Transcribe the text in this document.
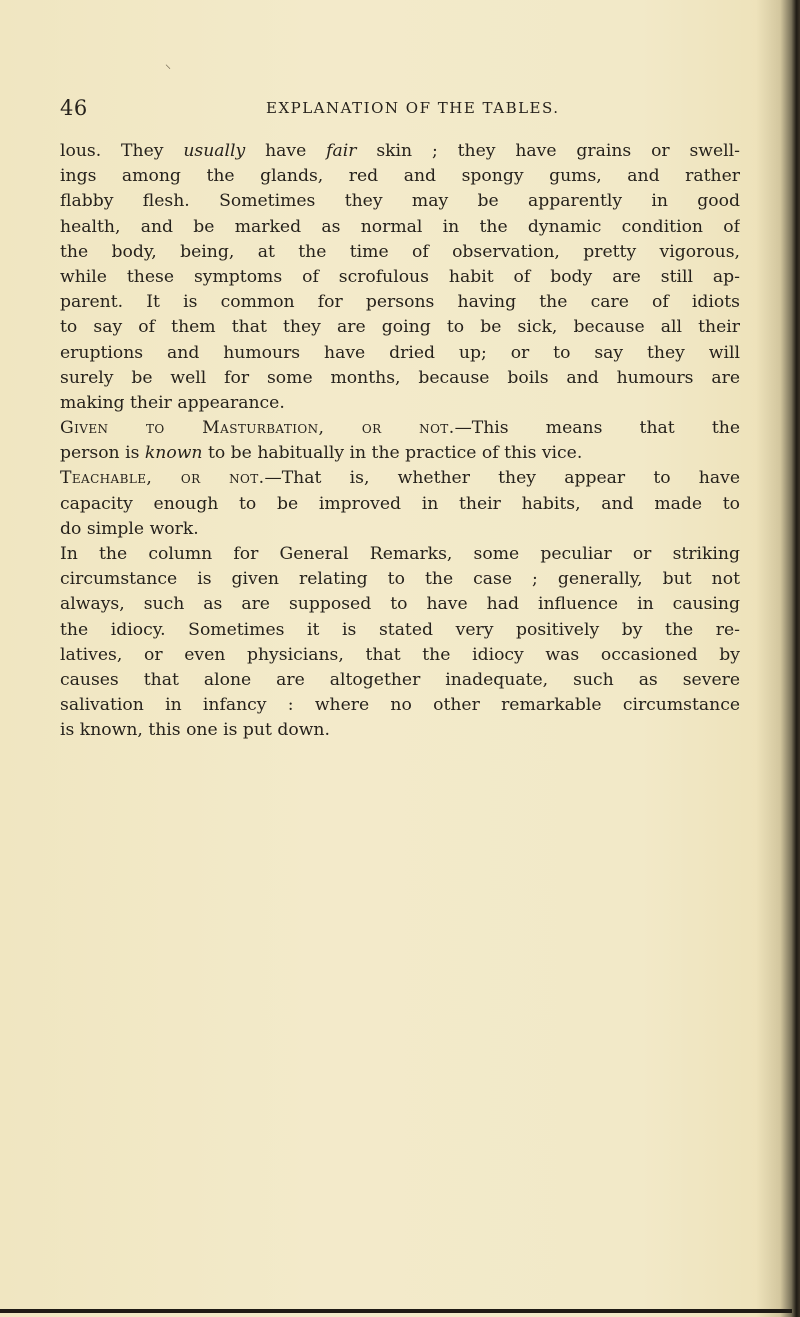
⸜
46	EXPLANATION OF THE TABLES.
lous. They usually have fair skin ; they have grains or swell-
ings among the glands, red and spongy gums, and rather
flabby flesh. Sometimes they may be apparently in good
health, and be marked as normal in the dynamic condition of
the body, being, at the time of observation, pretty vigorous,
while these symptoms of scrofulous habit of body are still ap-
parent. It is common for persons having the care of idiots
to say of them that they are going to be sick, because all their
eruptions and humours have dried up; or to say they will
surely be well for some months, because boils and humours are
making their appearance.
Given to Masturbation, or not.—This means that the
person is known to be habitually in the practice of this vice.
Teachable, or not.—That is, whether they appear to have
capacity enough to be improved in their habits, and made to
do simple work.
In the column for General Remarks, some peculiar or striking
circumstance is given relating to the case ; generally, but not
always, such as are supposed to have had influence in causing
the idiocy. Sometimes it is stated very positively by the re-
latives, or even physicians, that the idiocy was occasioned by
causes that alone are altogether inadequate, such as severe
salivation in infancy : where no other remarkable circumstance
is known, this one is put down.
